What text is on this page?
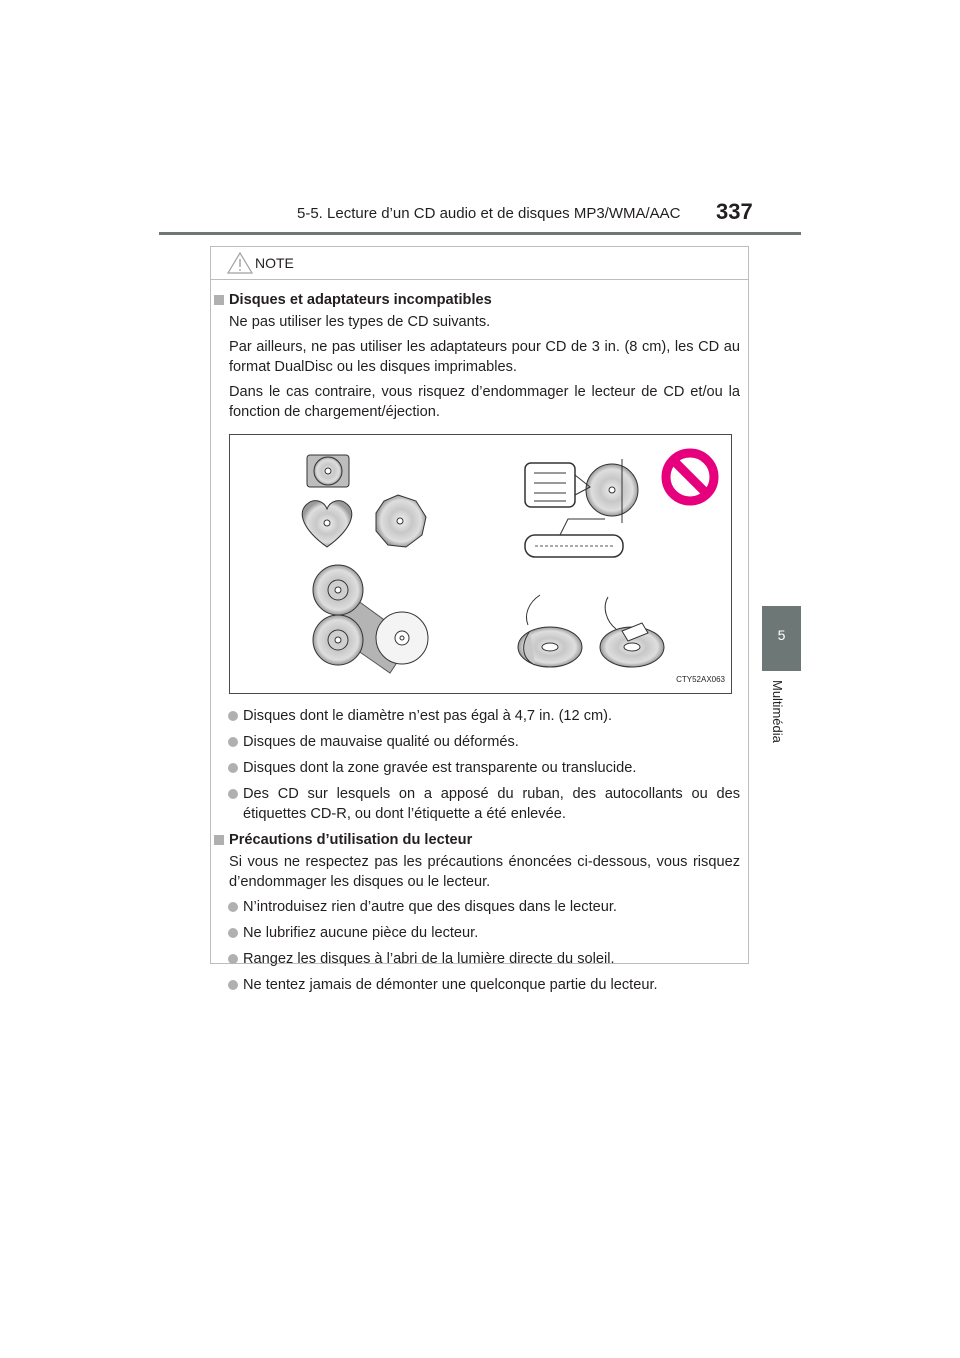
5-5. Lecture d’un CD audio et de disques MP3/WMA/AAC 337
5
Multimédia
NOTE
Disques et adaptateurs incompatibles
Ne pas utiliser les types de CD suivants.
Par ailleurs, ne pas utiliser les adaptateurs pour CD de 3 in. (8 cm), les CD au format DualDisc ou les disques imprimables.
Dans le cas contraire, vous risquez d’endommager le lecteur de CD et/ou la fonction de chargement/éjection.
CTY52AX063
Disques dont le diamètre n’est pas égal à 4,7 in. (12 cm).
Disques de mauvaise qualité ou déformés.
Disques dont la zone gravée est transparente ou translucide.
Des CD sur lesquels on a apposé du ruban, des autocollants ou des étiquettes CD-R, ou dont l’étiquette a été enlevée.
Précautions d’utilisation du lecteur
Si vous ne respectez pas les précautions énoncées ci-dessous, vous risquez d’endommager les disques ou le lecteur.
N’introduisez rien d’autre que des disques dans le lecteur.
Ne lubrifiez aucune pièce du lecteur.
Rangez les disques à l’abri de la lumière directe du soleil.
Ne tentez jamais de démonter une quelconque partie du lecteur.
